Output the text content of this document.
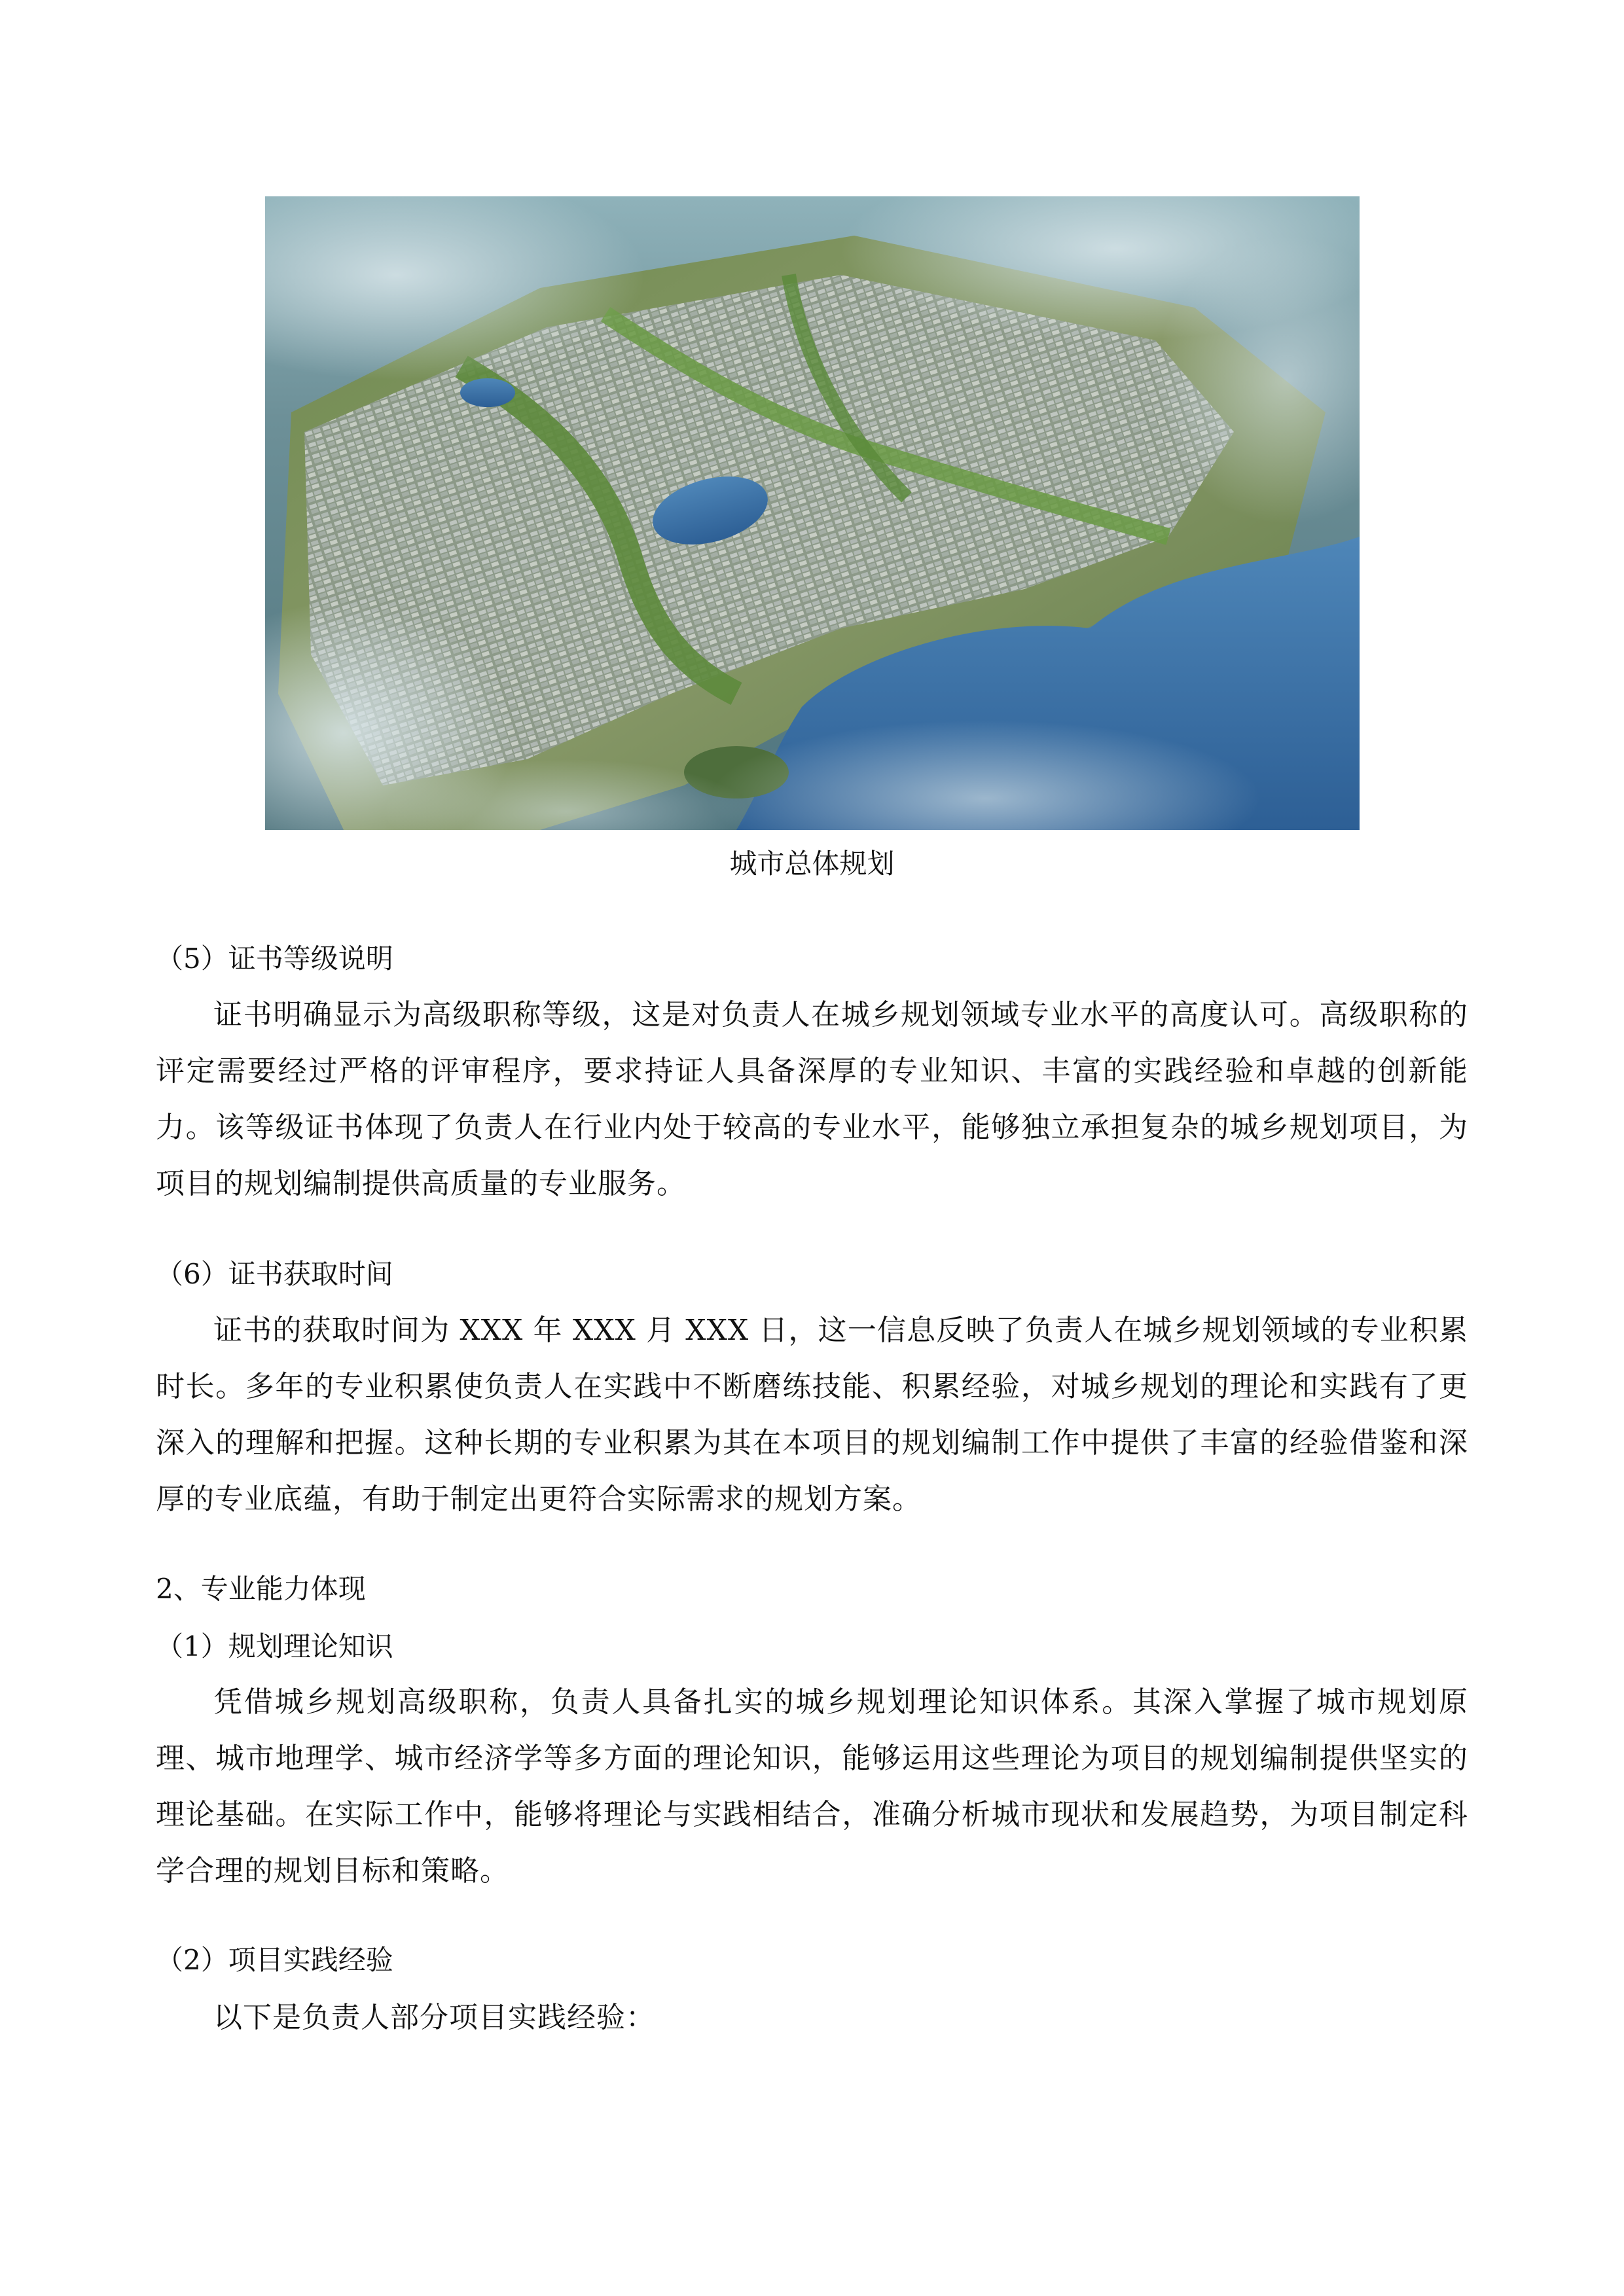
城市总体规划
（5）证书等级说明

证书明确显示为高级职称等级，这是对负责人在城乡规划领域专业水平的高度认可。高级职称的评定需要经过严格的评审程序，要求持证人具备深厚的专业知识、丰富的实践经验和卓越的创新能力。该等级证书体现了负责人在行业内处于较高的专业水平，能够独立承担复杂的城乡规划项目，为项目的规划编制提供高质量的专业服务。

（6）证书获取时间

证书的获取时间为 XXX 年 XXX 月 XXX 日，这一信息反映了负责人在城乡规划领域的专业积累时长。多年的专业积累使负责人在实践中不断磨练技能、积累经验，对城乡规划的理论和实践有了更深入的理解和把握。这种长期的专业积累为其在本项目的规划编制工作中提供了丰富的经验借鉴和深厚的专业底蕴，有助于制定出更符合实际需求的规划方案。

2、专业能力体现
（1）规划理论知识

凭借城乡规划高级职称，负责人具备扎实的城乡规划理论知识体系。其深入掌握了城市规划原理、城市地理学、城市经济学等多方面的理论知识，能够运用这些理论为项目的规划编制提供坚实的理论基础。在实际工作中，能够将理论与实践相结合，准确分析城市现状和发展趋势，为项目制定科学合理的规划目标和策略。

（2）项目实践经验

以下是负责人部分项目实践经验：
